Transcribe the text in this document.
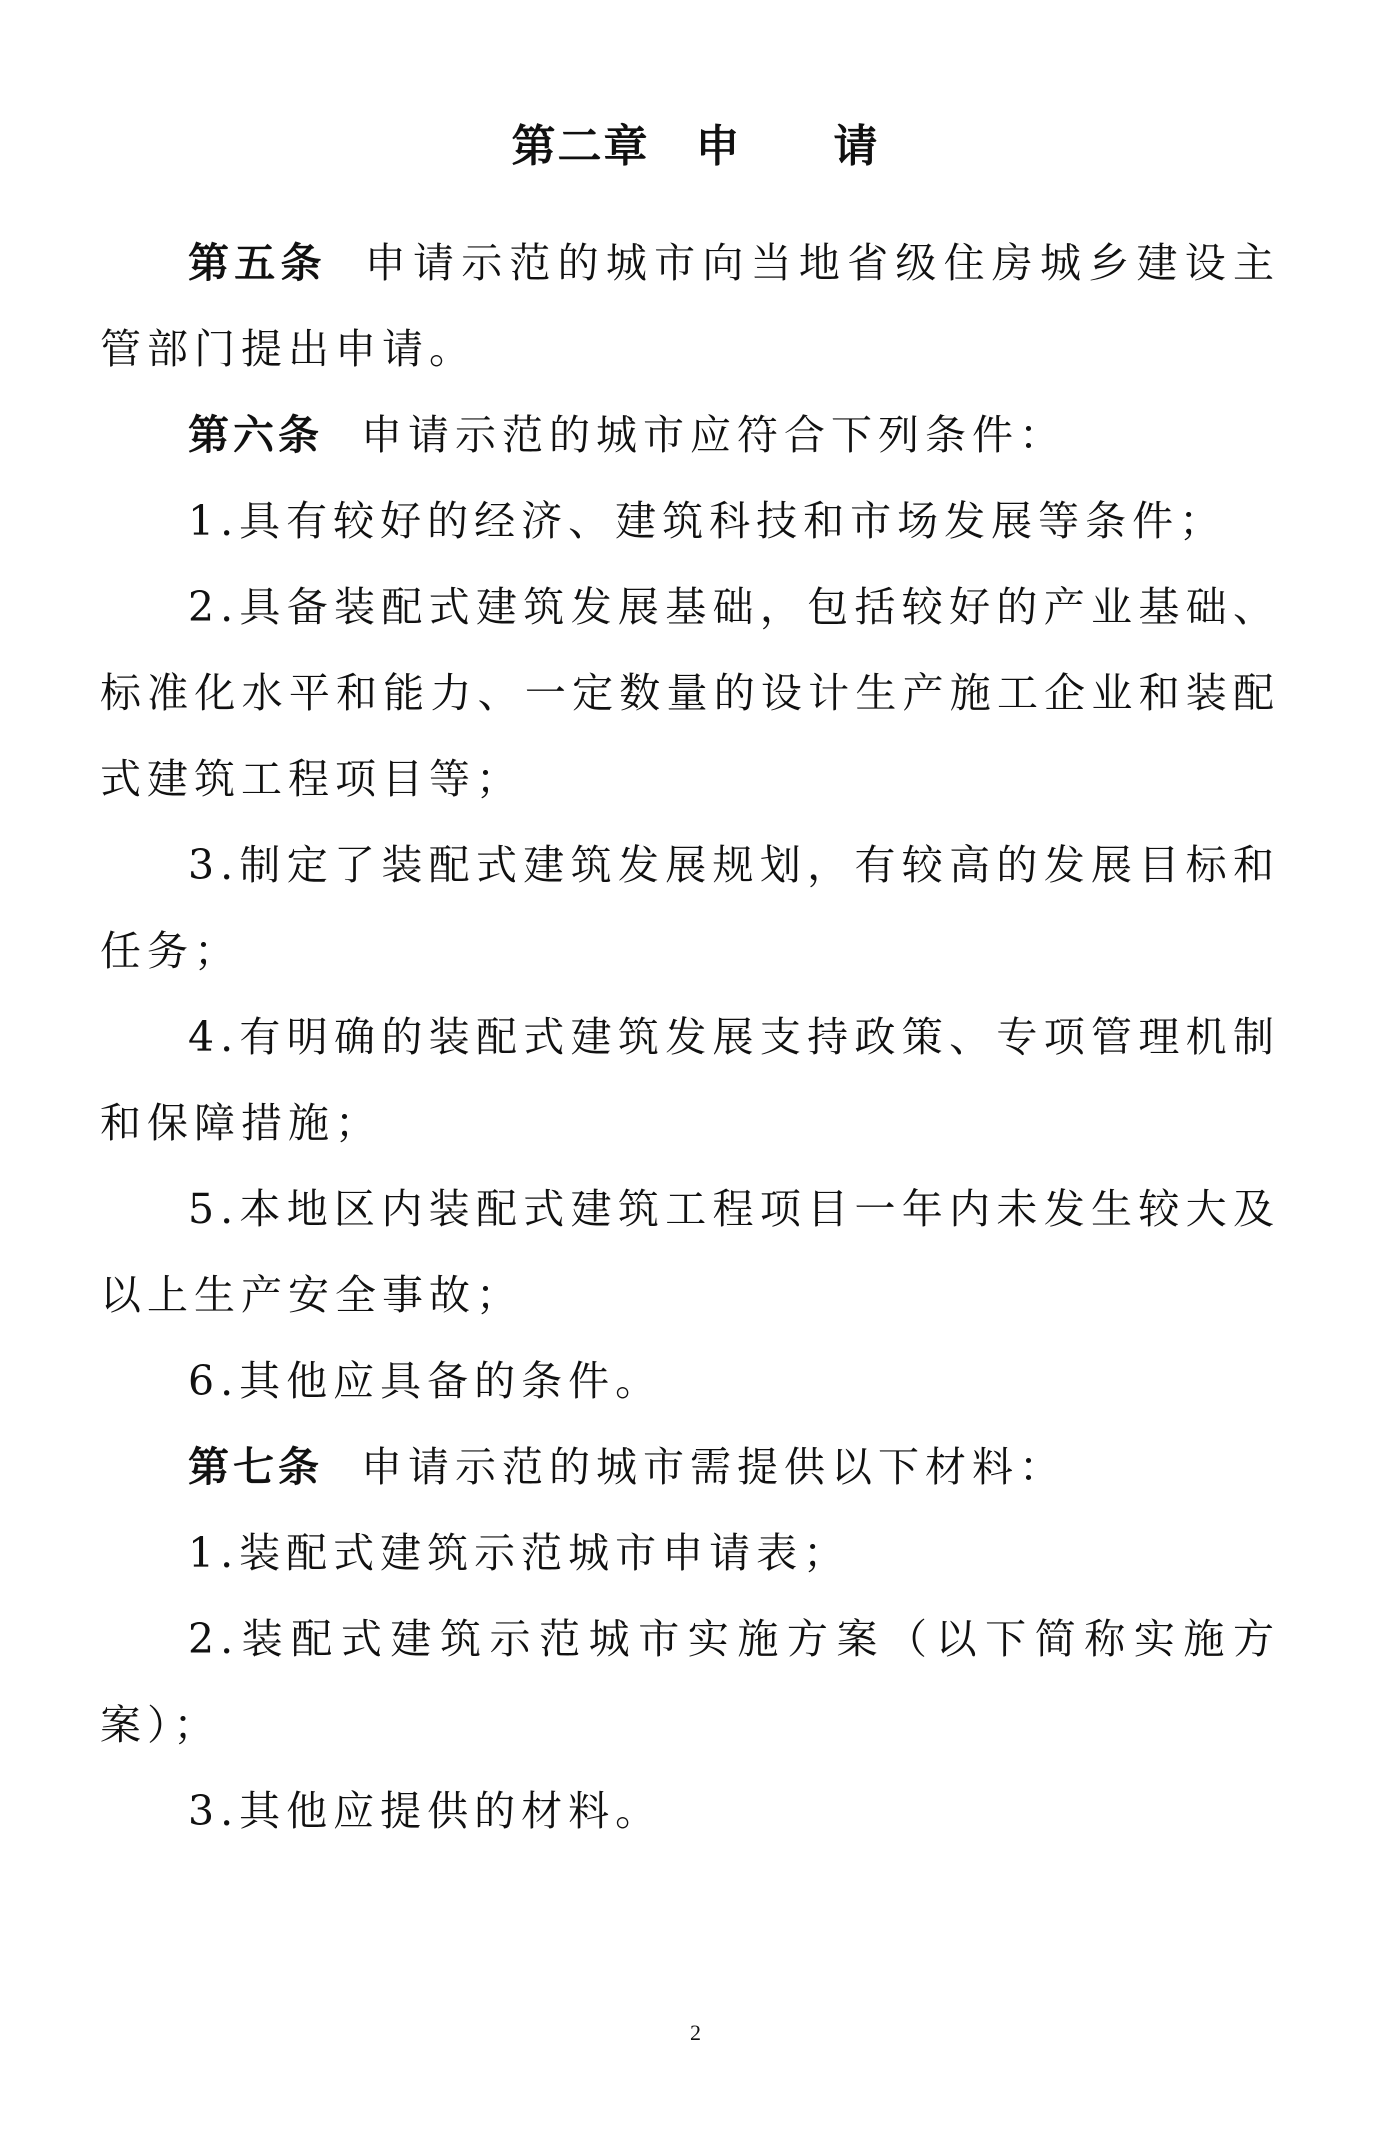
第二章　申　　请

第五条 申请示范的城市向当地省级住房城乡建设主管部门提出申请。

第六条 申请示范的城市应符合下列条件：

1.具有较好的经济、建筑科技和市场发展等条件；

2.具备装配式建筑发展基础，包括较好的产业基础、标准化水平和能力、一定数量的设计生产施工企业和装配式建筑工程项目等；

3.制定了装配式建筑发展规划，有较高的发展目标和任务；

4.有明确的装配式建筑发展支持政策、专项管理机制和保障措施；

5.本地区内装配式建筑工程项目一年内未发生较大及以上生产安全事故；

6.其他应具备的条件。

第七条 申请示范的城市需提供以下材料：

1.装配式建筑示范城市申请表；

2.装配式建筑示范城市实施方案（以下简称实施方案）；

3.其他应提供的材料。

2
